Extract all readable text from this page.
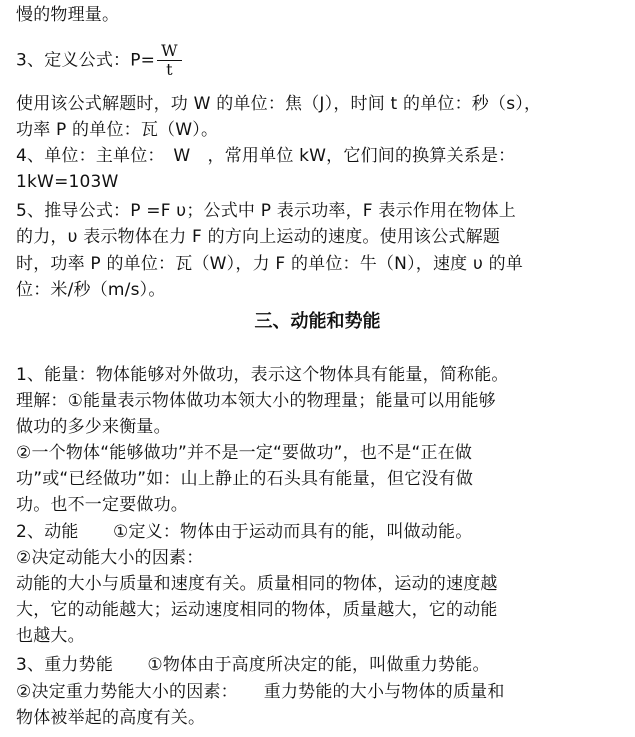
慢的物理量。
3、定义公式：$P= \frac{W}{t}$
使用该公式解题时，功 W 的单位：焦（J），时间 t 的单位：秒（s），
功率 P 的单位：瓦（W）。
4、单位：主单位：　W　，常用单位 kW，它们间的换算关系是：
1kW=103W
5、推导公式：P =F υ；公式中 P 表示功率，F 表示作用在物体上
的力，υ 表示物体在力 F 的方向上运动的速度。使用该公式解题
时，功率 P 的单位：瓦（W），力 F 的单位：牛（N），速度 υ 的单
位：米/秒（m/s）。
三、动能和势能
1、能量：物体能够对外做功，表示这个物体具有能量，简称能。
理解：①能量表示物体做功本领大小的物理量；能量可以用能够
做功的多少来衡量。
②一个物体“能够做功”并不是一定“要做功”，也不是“正在做
功”或“已经做功”如：山上静止的石头具有能量，但它没有做
功。也不一定要做功。
2、动能　　①定义：物体由于运动而具有的能，叫做动能。
②决定动能大小的因素：
动能的大小与质量和速度有关。质量相同的物体，运动的速度越
大，它的动能越大；运动速度相同的物体，质量越大，它的动能
也越大。
3、重力势能　　①物体由于高度所决定的能，叫做重力势能。
②决定重力势能大小的因素：　　重力势能的大小与物体的质量和
物体被举起的高度有关。
